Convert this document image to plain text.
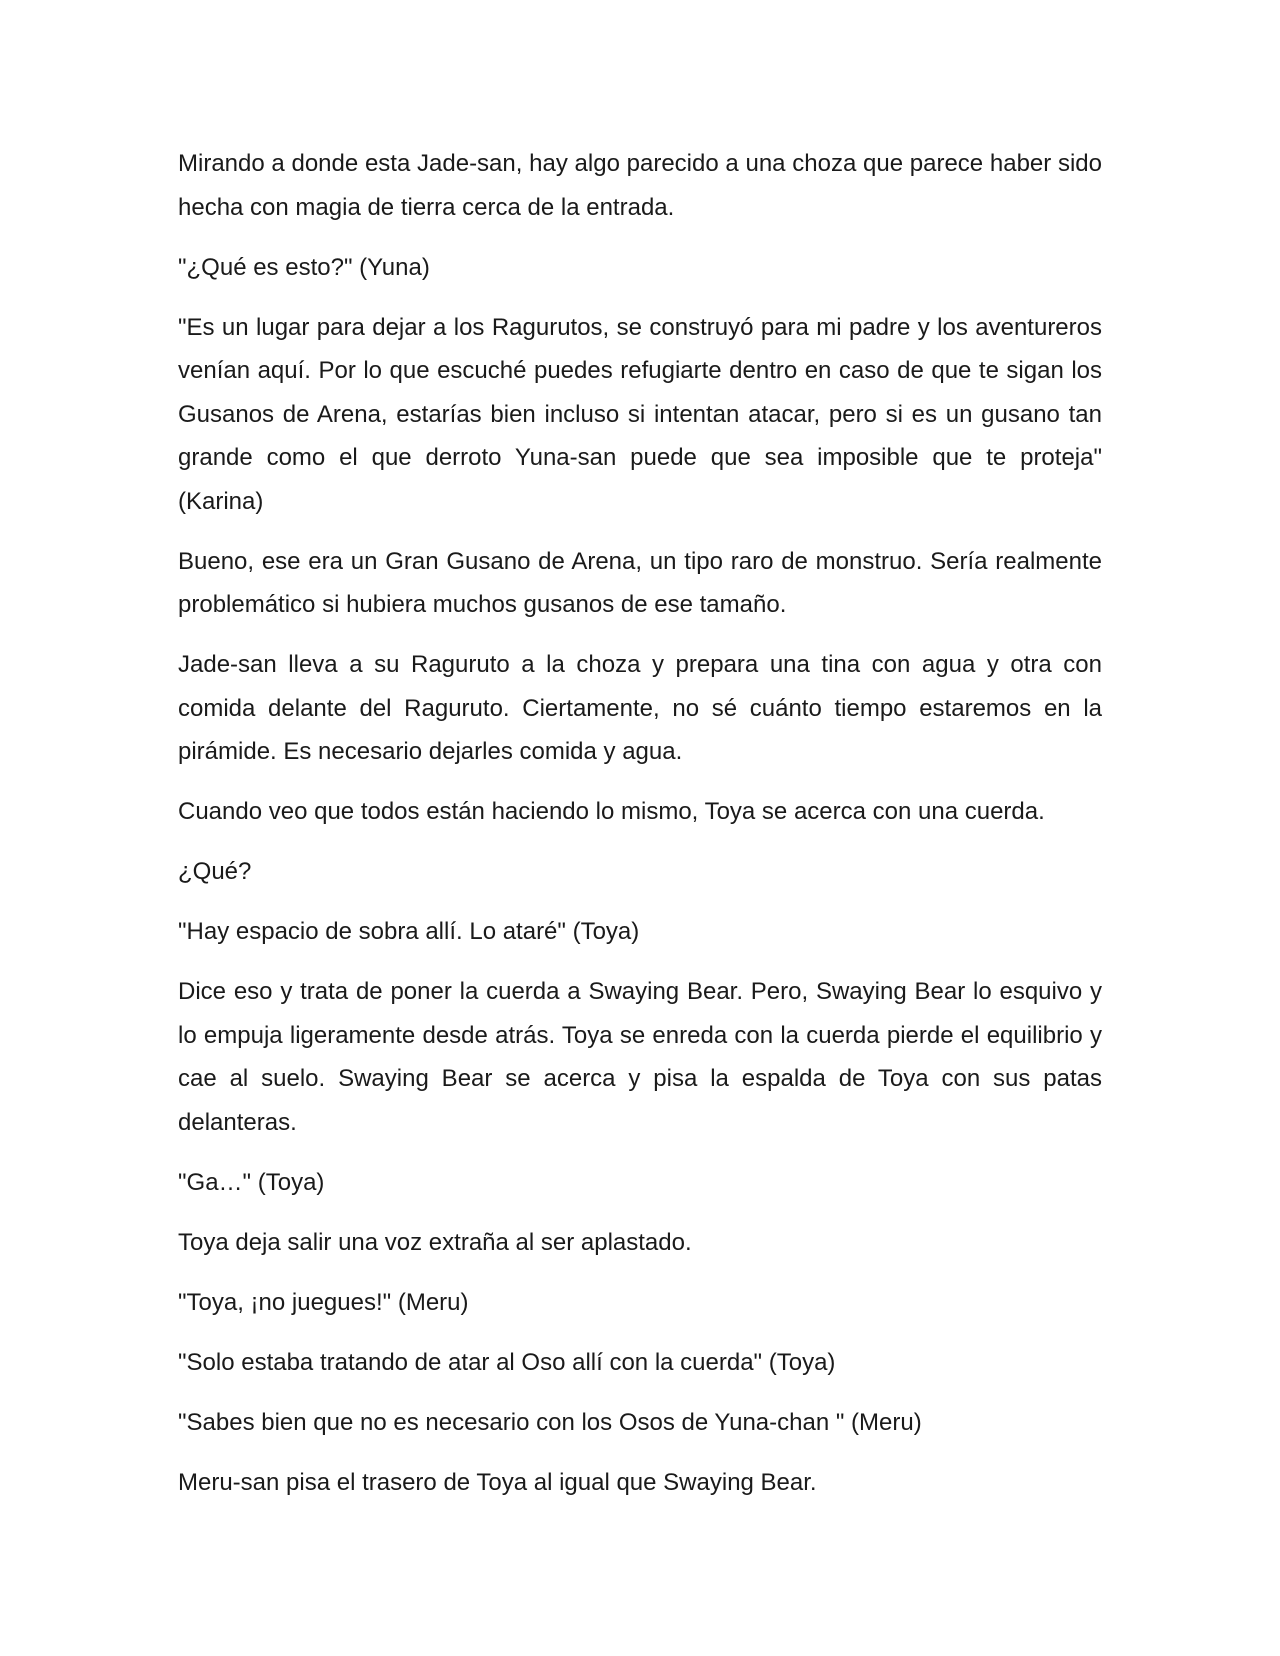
Mirando a donde esta Jade-san, hay algo parecido a una choza que parece haber sido hecha con magia de tierra cerca de la entrada.

"¿Qué es esto?" (Yuna)

"Es un lugar para dejar a los Ragurutos, se construyó para mi padre y los aventureros venían aquí. Por lo que escuché puedes refugiarte dentro en caso de que te sigan los Gusanos de Arena, estarías bien incluso si intentan atacar, pero si es un gusano tan grande como el que derroto Yuna-san puede que sea imposible que te proteja" (Karina)

Bueno, ese era un Gran Gusano de Arena, un tipo raro de monstruo. Sería realmente problemático si hubiera muchos gusanos de ese tamaño.

Jade-san lleva a su Raguruto a la choza y prepara una tina con agua y otra con comida delante del Raguruto. Ciertamente, no sé cuánto tiempo estaremos en la pirámide. Es necesario dejarles comida y agua.

Cuando veo que todos están haciendo lo mismo, Toya se acerca con una cuerda.

¿Qué?

"Hay espacio de sobra allí. Lo ataré" (Toya)

Dice eso y trata de poner la cuerda a Swaying Bear. Pero, Swaying Bear lo esquivo y lo empuja ligeramente desde atrás. Toya se enreda con la cuerda pierde el equilibrio y cae al suelo. Swaying Bear se acerca y pisa la espalda de Toya con sus patas delanteras.

"Ga…" (Toya)

Toya deja salir una voz extraña al ser aplastado.

"Toya, ¡no juegues!" (Meru)

"Solo estaba tratando de atar al Oso allí con la cuerda" (Toya)

"Sabes bien que no es necesario con los Osos de Yuna-chan " (Meru)

Meru-san pisa el trasero de Toya al igual que Swaying Bear.
